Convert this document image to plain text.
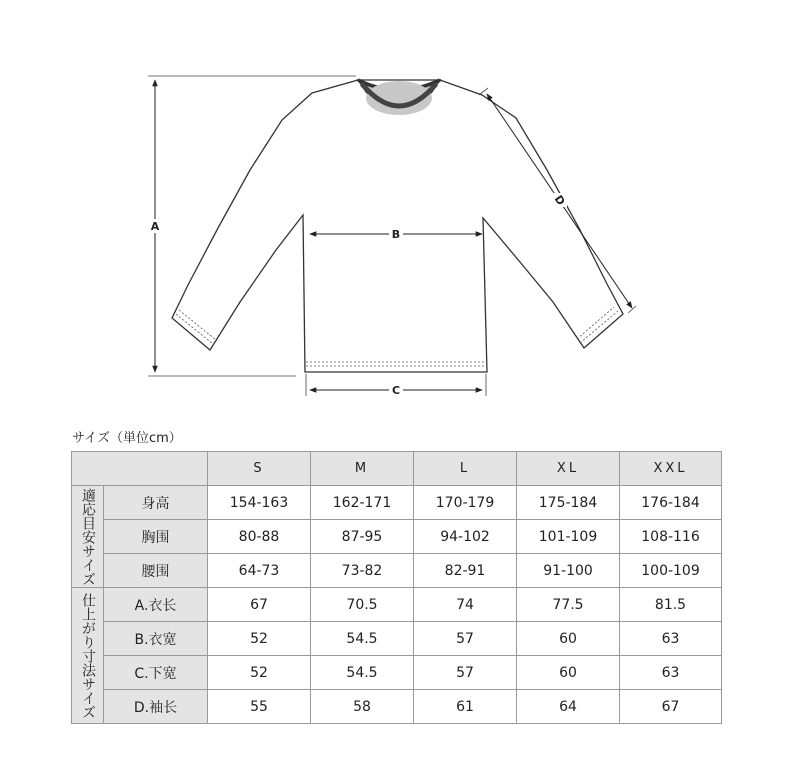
A
B
C
D
サイズ（単位cm）
		S	M	L	XL	XXL
適応目安サイズ	身高	154-163	162-171	170-179	175-184	176-184
	胸围	80-88	87-95	94-102	101-109	108-116
	腰围	64-73	73-82	82-91	91-100	100-109
仕上がり寸法サイズ	A.衣长	67	70.5	74	77.5	81.5
	B.衣宽	52	54.5	57	60	63
	C.下宽	52	54.5	57	60	63
	D.袖长	55	58	61	64	67
